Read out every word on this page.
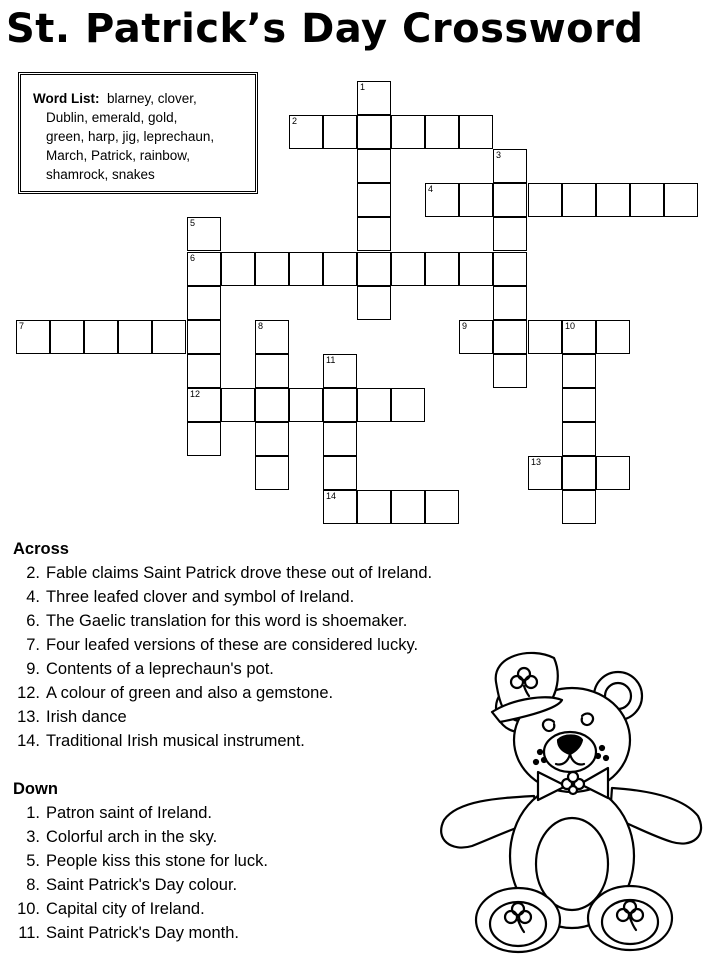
St. Patrick’s Day Crossword
Word List: blarney, clover,
Dublin, emerald, gold,
green, harp, jig, leprechaun,
March, Patrick, rainbow,
shamrock, snakes
1
2
3
4
5
6
12
7	8	9	10
11
14
13
Across
2. Fable claims Saint Patrick drove these out of Ireland.
4. Three leafed clover and symbol of Ireland.
6. The Gaelic translation for this word is shoemaker.
7. Four leafed versions of these are considered lucky.
9. Contents of a leprechaun's pot.
12. A colour of green and also a gemstone.
13. Irish dance
14. Traditional Irish musical instrument.
Down
1. Patron saint of Ireland.
3. Colorful arch in the sky.
5. People kiss this stone for luck.
8. Saint Patrick's Day colour.
10. Capital city of Ireland.
11. Saint Patrick's Day month.
